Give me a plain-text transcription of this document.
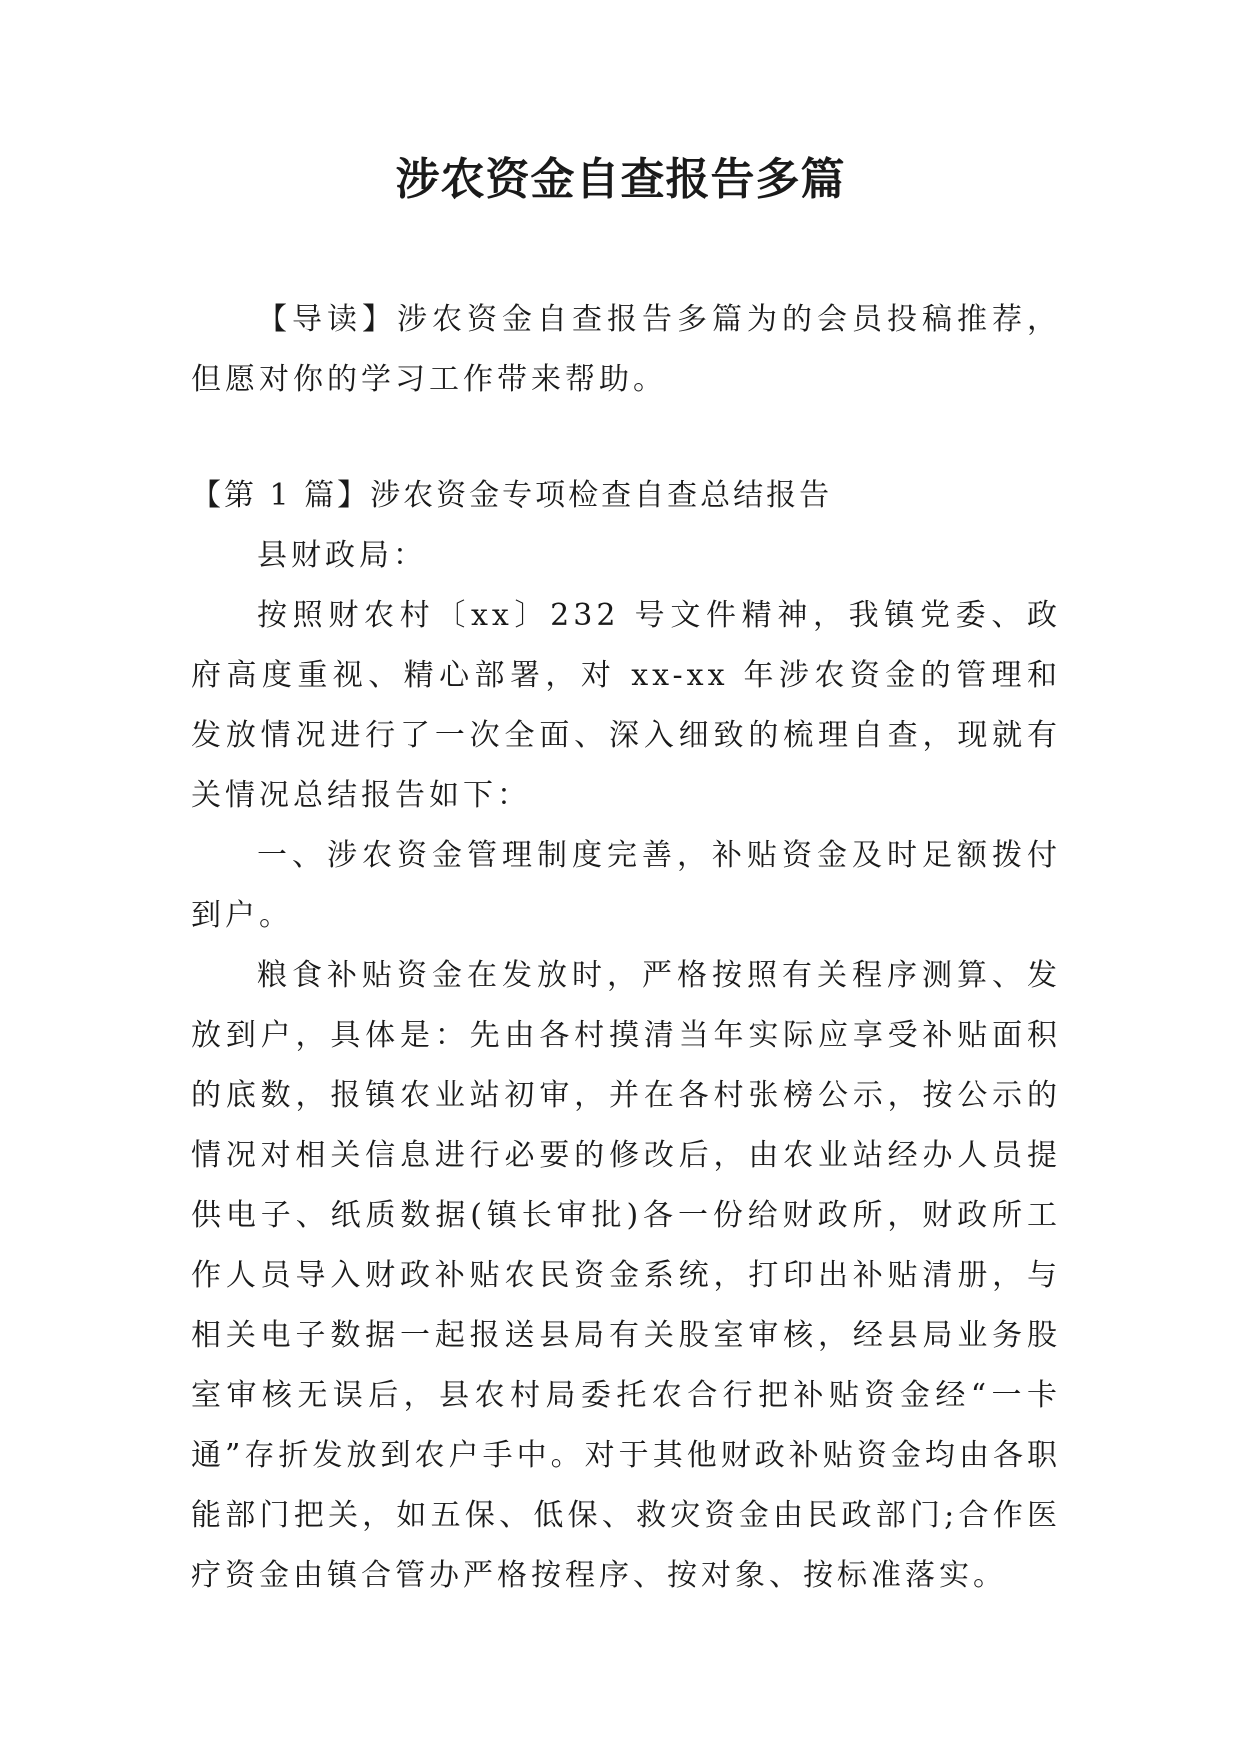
涉农资金自查报告多篇

【导读】涉农资金自查报告多篇为的会员投稿推荐，但愿对你的学习工作带来帮助。

【第 1 篇】涉农资金专项检查自查总结报告

县财政局：

按照财农村〔xx〕232 号文件精神，我镇党委、政府高度重视、精心部署，对 xx-xx 年涉农资金的管理和发放情况进行了一次全面、深入细致的梳理自查，现就有关情况总结报告如下：

一、涉农资金管理制度完善，补贴资金及时足额拨付到户。

粮食补贴资金在发放时，严格按照有关程序测算、发放到户，具体是：先由各村摸清当年实际应享受补贴面积的底数，报镇农业站初审，并在各村张榜公示，按公示的情况对相关信息进行必要的修改后，由农业站经办人员提供电子、纸质数据(镇长审批)各一份给财政所，财政所工作人员导入财政补贴农民资金系统，打印出补贴清册，与相关电子数据一起报送县局有关股室审核，经县局业务股室审核无误后，县农村局委托农合行把补贴资金经“一卡通”存折发放到农户手中。对于其他财政补贴资金均由各职能部门把关，如五保、低保、救灾资金由民政部门;合作医疗资金由镇合管办严格按程序、按对象、按标准落实。
